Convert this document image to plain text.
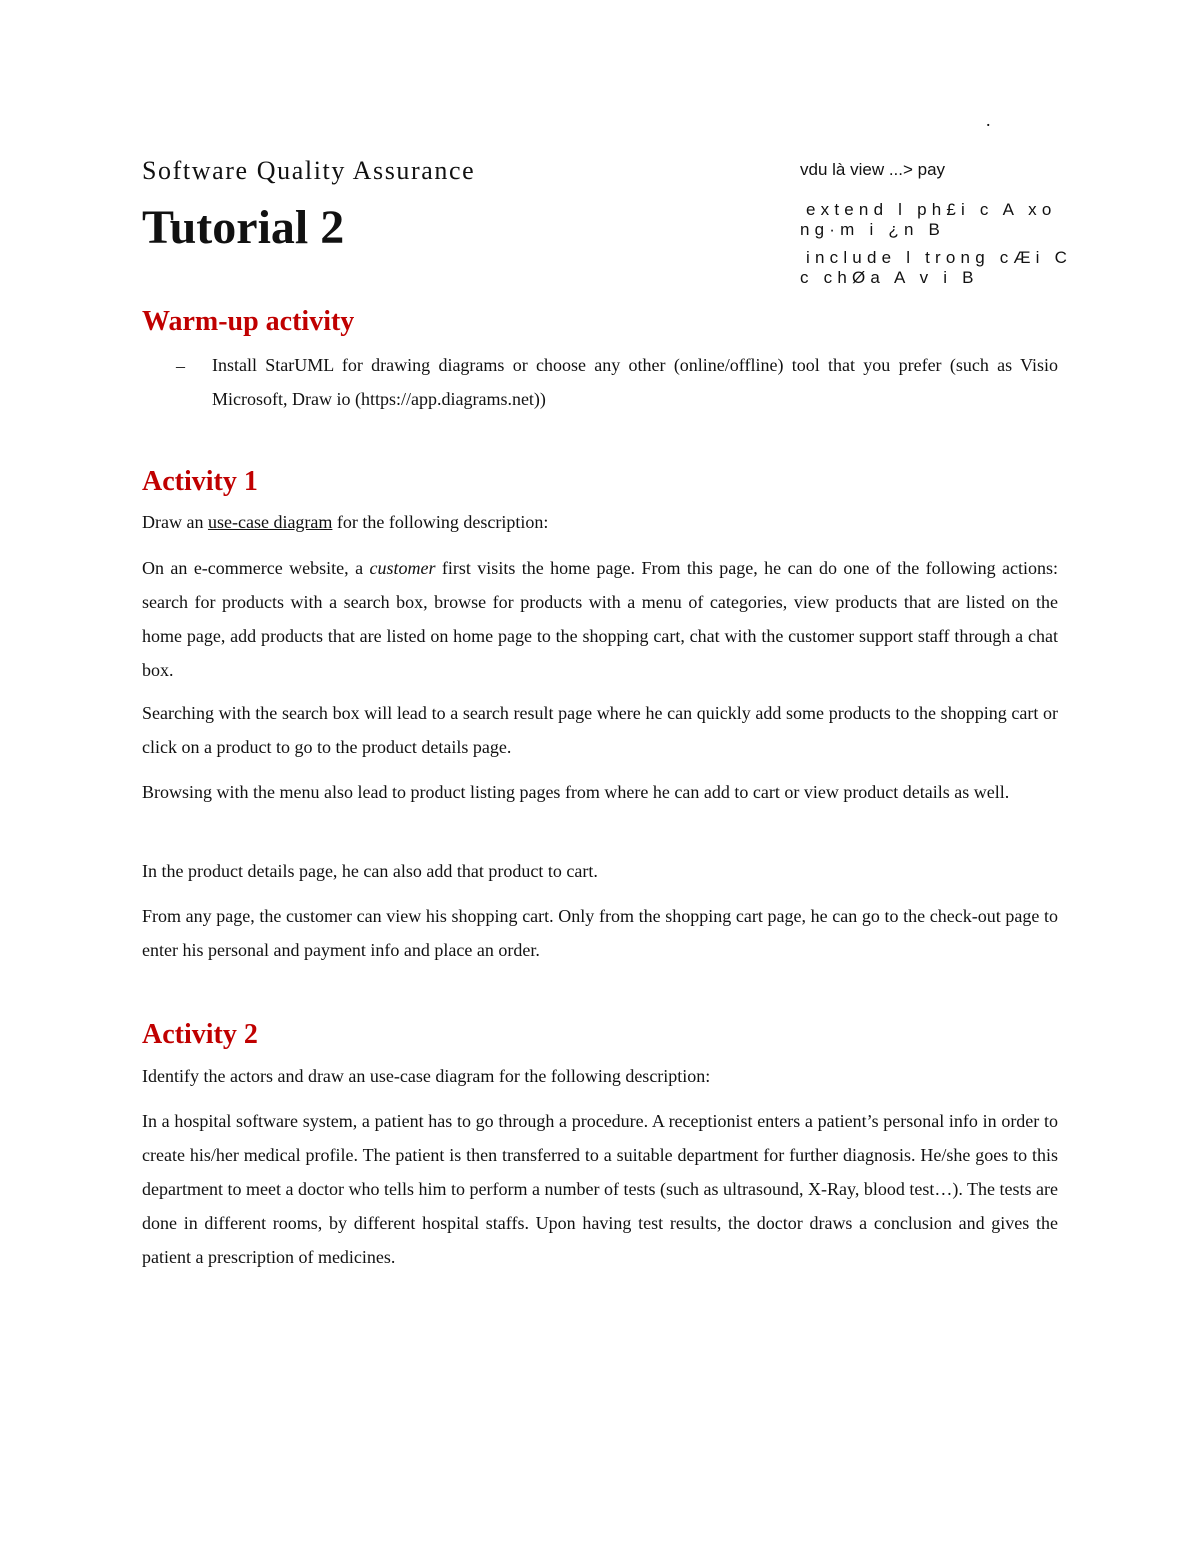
.
Software Quality Assurance
Tutorial 2
vdu là view ...> pay
extend l ph£i c A xo
ng·m i ¿n B
include l trong cÆi C
c chØa A v i B
Warm-up activity
– Install StarUML for drawing diagrams or choose any other (online/offline) tool that you prefer (such as Visio Microsoft, Draw io (https://app.diagrams.net))
Activity 1

Draw an use-case diagram for the following description:

On an e-commerce website, a customer first visits the home page. From this page, he can do one of the following actions: search for products with a search box, browse for products with a menu of categories, view products that are listed on the home page, add products that are listed on home page to the shopping cart, chat with the customer support staff through a chat box.

Searching with the search box will lead to a search result page where he can quickly add some products to the shopping cart or click on a product to go to the product details page.

Browsing with the menu also lead to product listing pages from where he can add to cart or view product details as well.

In the product details page, he can also add that product to cart.

From any page, the customer can view his shopping cart. Only from the shopping cart page, he can go to the check-out page to enter his personal and payment info and place an order.

Activity 2

Identify the actors and draw an use-case diagram for the following description:

In a hospital software system, a patient has to go through a procedure. A receptionist enters a patient’s personal info in order to create his/her medical profile. The patient is then transferred to a suitable department for further diagnosis. He/she goes to this department to meet a doctor who tells him to perform a number of tests (such as ultrasound, X-Ray, blood test…). The tests are done in different rooms, by different hospital staffs. Upon having test results, the doctor draws a conclusion and gives the patient a prescription of medicines.
